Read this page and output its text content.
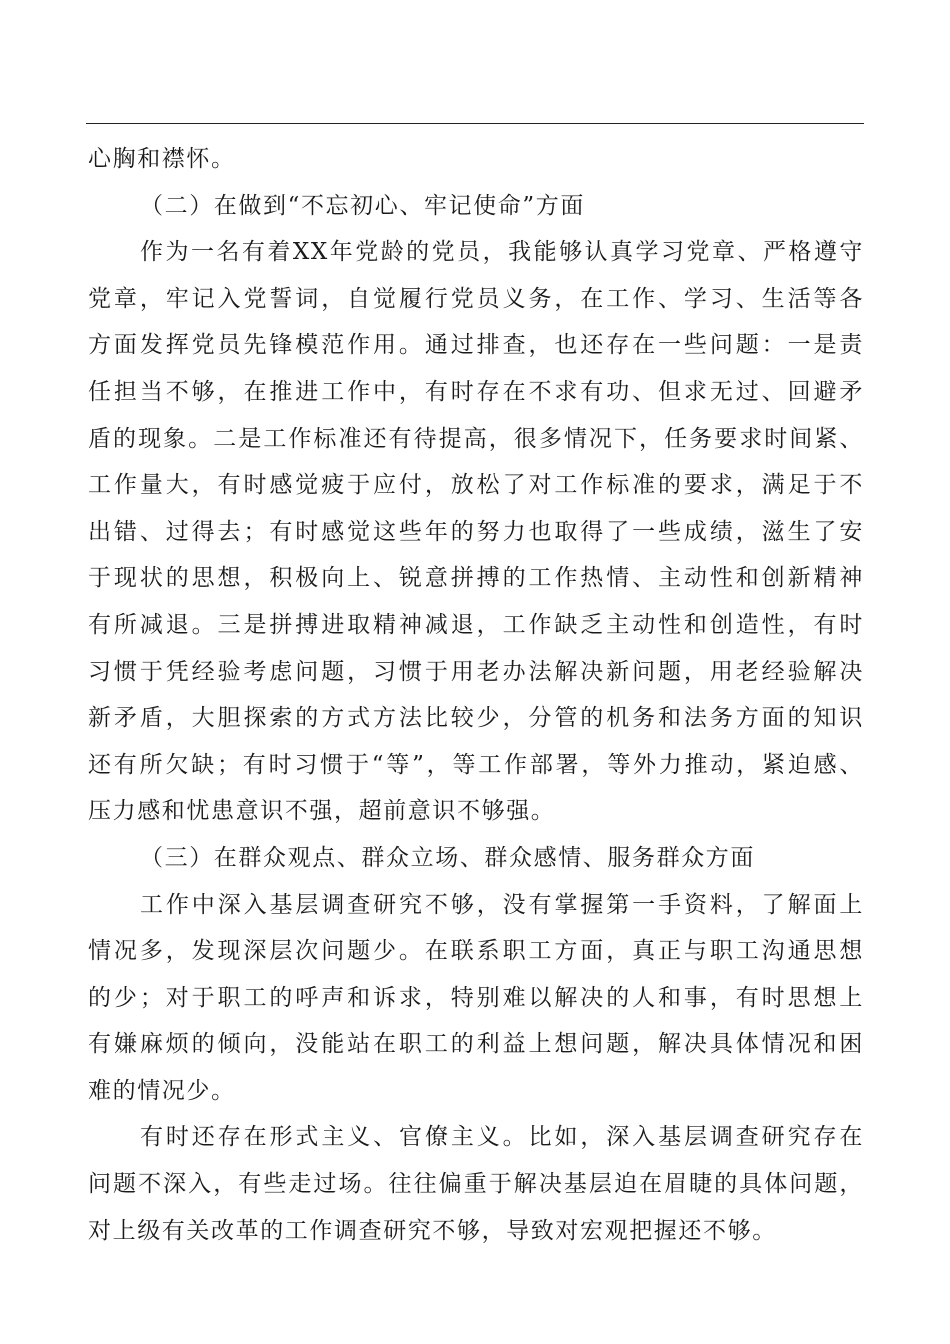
心胸和襟怀。
（二）在做到“不忘初心、牢记使命”方面
作为一名有着XX年党龄的党员，我能够认真学习党章、严格遵守
党章，牢记入党誓词，自觉履行党员义务，在工作、学习、生活等各
方面发挥党员先锋模范作用。通过排查，也还存在一些问题：一是责
任担当不够，在推进工作中，有时存在不求有功、但求无过、回避矛
盾的现象。二是工作标准还有待提高，很多情况下，任务要求时间紧、
工作量大，有时感觉疲于应付，放松了对工作标准的要求，满足于不
出错、过得去；有时感觉这些年的努力也取得了一些成绩，滋生了安
于现状的思想，积极向上、锐意拼搏的工作热情、主动性和创新精神
有所减退。三是拼搏进取精神减退，工作缺乏主动性和创造性，有时
习惯于凭经验考虑问题，习惯于用老办法解决新问题，用老经验解决
新矛盾，大胆探索的方式方法比较少，分管的机务和法务方面的知识
还有所欠缺；有时习惯于“等”，等工作部署，等外力推动，紧迫感、
压力感和忧患意识不强，超前意识不够强。
（三）在群众观点、群众立场、群众感情、服务群众方面
工作中深入基层调查研究不够，没有掌握第一手资料，了解面上
情况多，发现深层次问题少。在联系职工方面，真正与职工沟通思想
的少；对于职工的呼声和诉求，特别难以解决的人和事，有时思想上
有嫌麻烦的倾向，没能站在职工的利益上想问题，解决具体情况和困
难的情况少。
有时还存在形式主义、官僚主义。比如，深入基层调查研究存在
问题不深入，有些走过场。往往偏重于解决基层迫在眉睫的具体问题，
对上级有关改革的工作调查研究不够，导致对宏观把握还不够。
